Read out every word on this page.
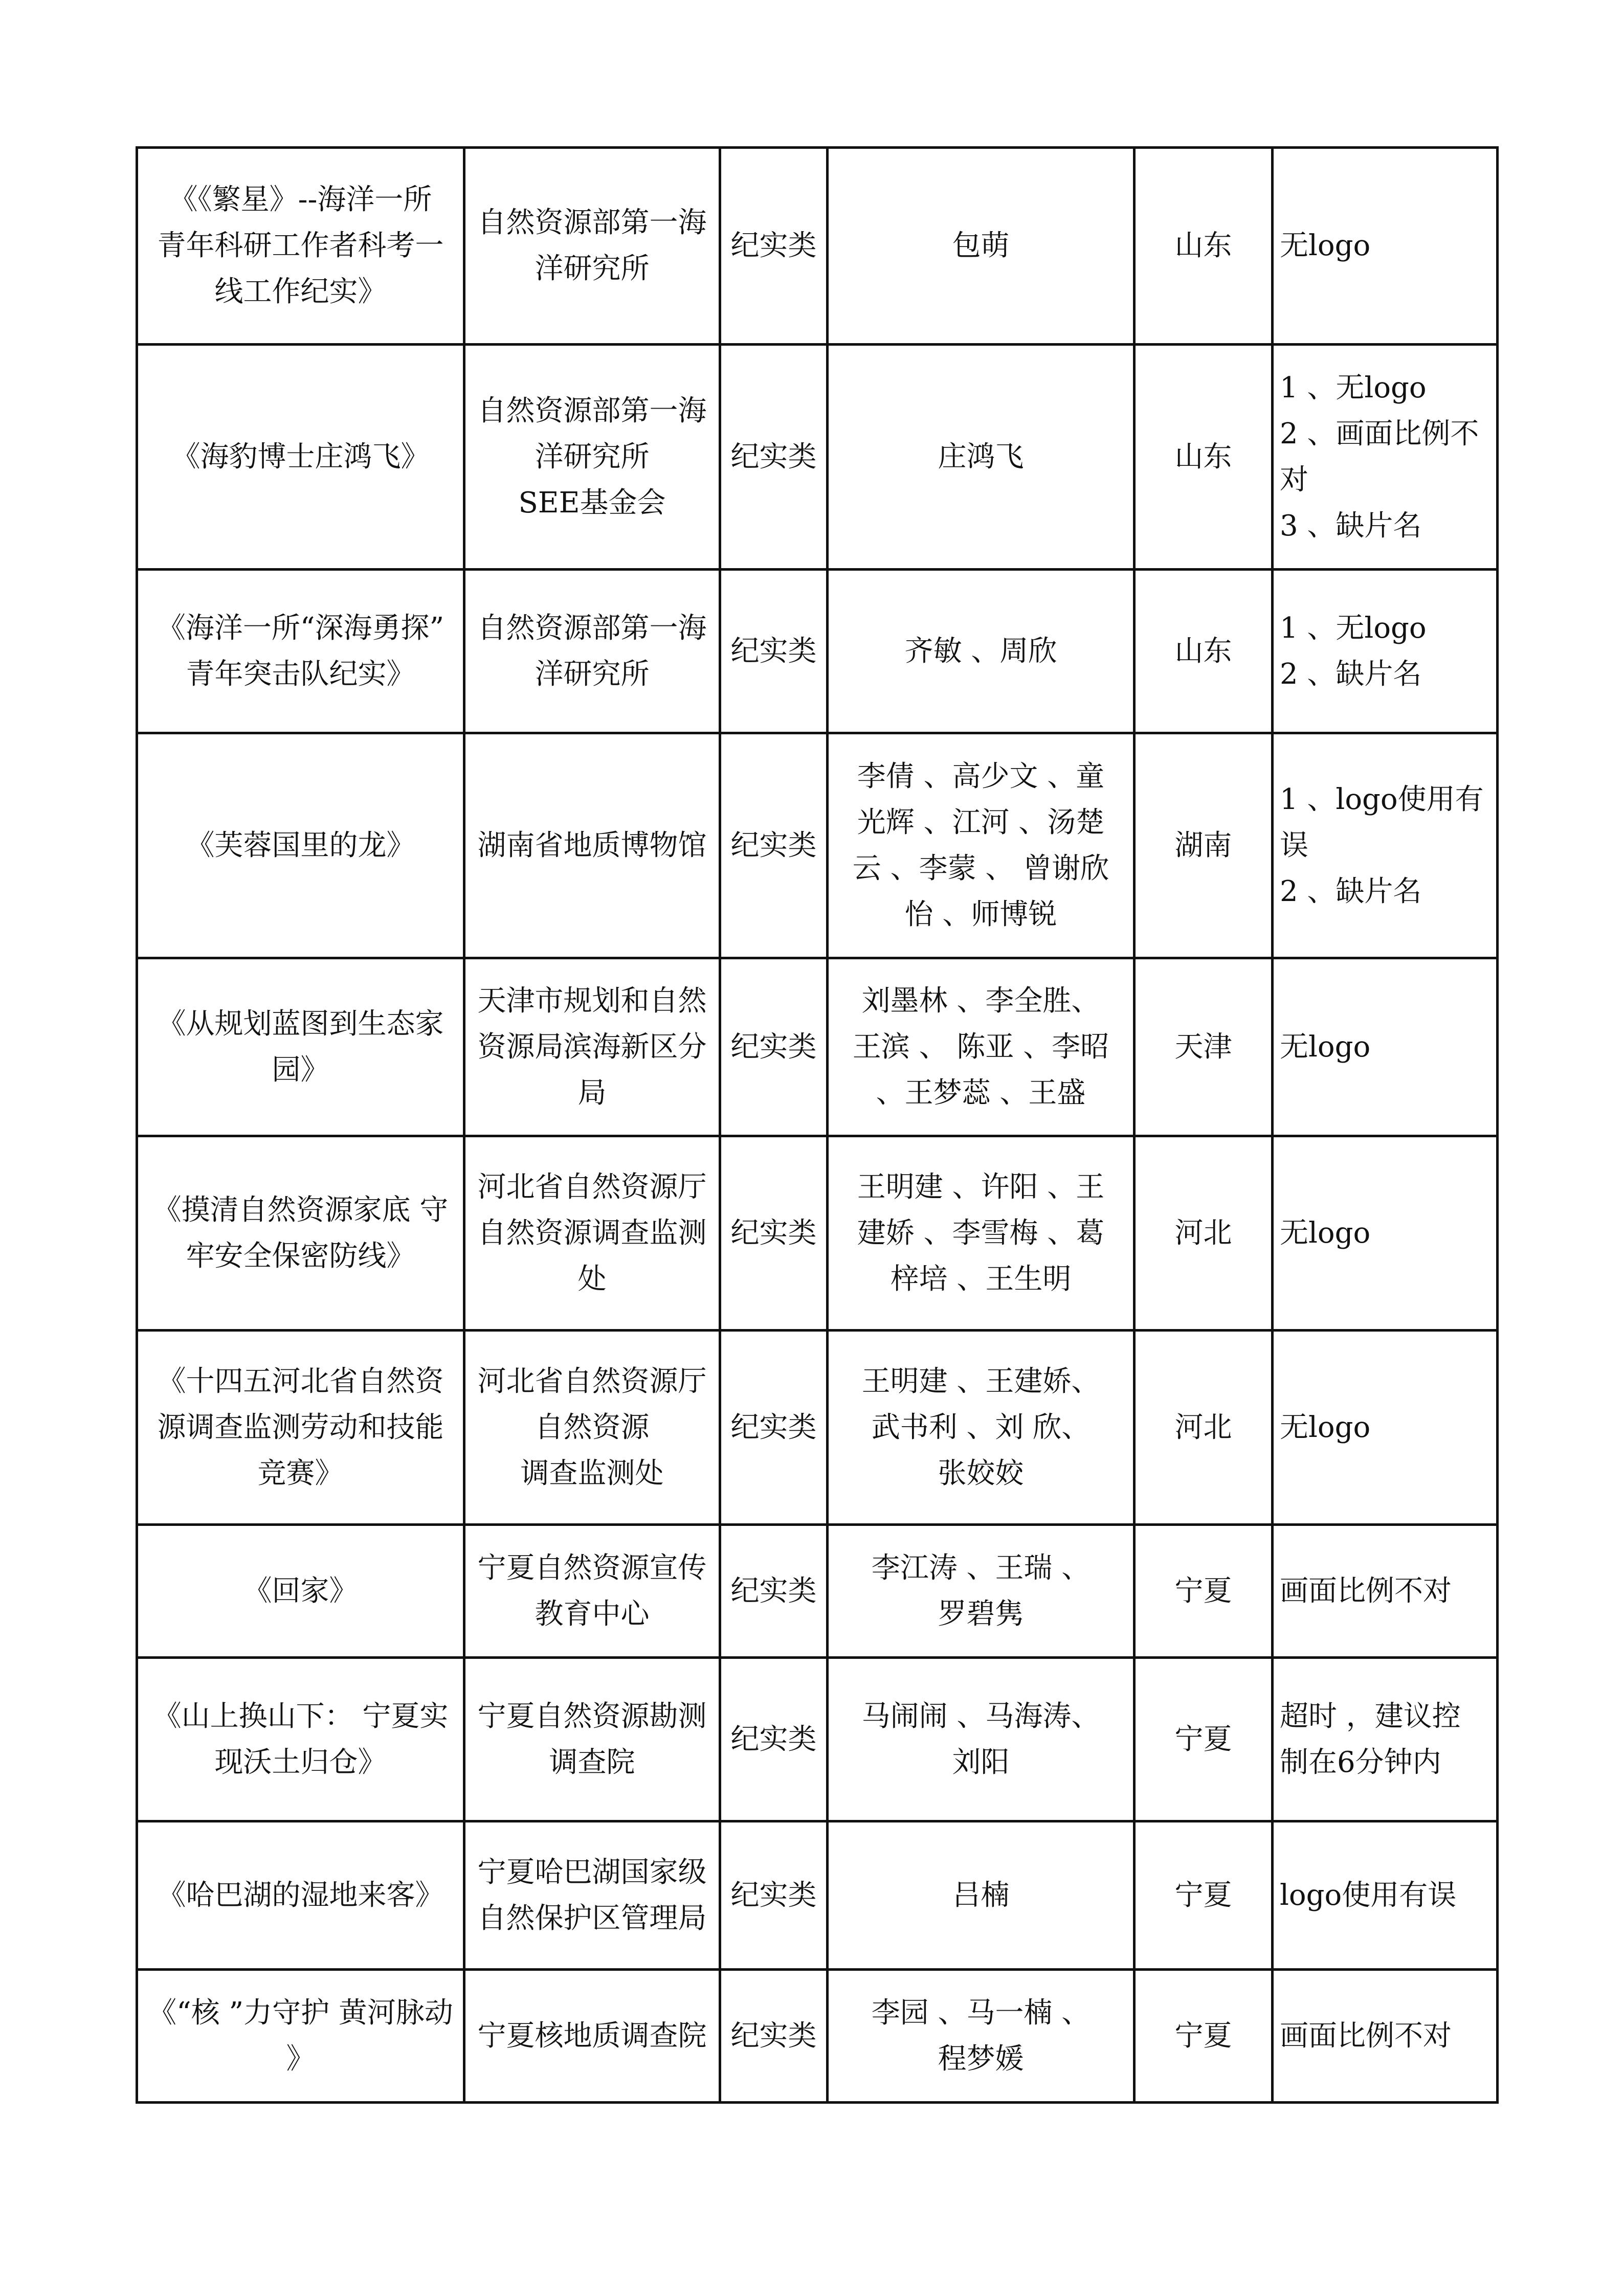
《《繁星》--海洋一所
青年科研工作者科考一
线工作纪实》	自然资源部第一海
洋研究所	纪实类	包萌	山东	无logo
《海豹博士庄鸿飞》	自然资源部第一海
洋研究所
SEE基金会	纪实类	庄鸿飞	山东	1 、无logo
2 、画面比例不
对
3 、缺片名
《海洋一所“深海勇探”
青年突击队纪实》	自然资源部第一海
洋研究所	纪实类	齐敏 、周欣	山东	1 、无logo
2 、缺片名
《芙蓉国里的龙》	湖南省地质博物馆	纪实类	李倩 、高少文 、童
光辉 、江河 、汤楚
云 、李蒙 、 曾谢欣
怡 、师博锐	湖南	1 、logo使用有
误
2 、缺片名
《从规划蓝图到生态家
园》	天津市规划和自然
资源局滨海新区分
局	纪实类	刘墨林 、李全胜、
王滨 、 陈亚 、李昭
、王梦蕊 、王盛	天津	无logo
《摸清自然资源家底 守
牢安全保密防线》	河北省自然资源厅
自然资源调查监测
处	纪实类	王明建 、许阳 、王
建娇 、李雪梅 、葛
梓培 、王生明	河北	无logo
《十四五河北省自然资
源调查监测劳动和技能
竞赛》	河北省自然资源厅
自然资源
调查监测处	纪实类	王明建 、王建娇、
武书利 、刘 欣、
张姣姣	河北	无logo
《回家》	宁夏自然资源宣传
教育中心	纪实类	李江涛 、王瑞 、
罗碧隽	宁夏	画面比例不对
《山上换山下： 宁夏实
现沃土归仓》	宁夏自然资源勘测
调查院	纪实类	马闹闹 、马海涛、
刘阳	宁夏	超时 ，建议控
制在6分钟内
《哈巴湖的湿地来客》	宁夏哈巴湖国家级
自然保护区管理局	纪实类	吕楠	宁夏	logo使用有误
《“核 ”力守护 黄河脉动
》	宁夏核地质调查院	纪实类	李园 、马一楠 、
程梦媛	宁夏	画面比例不对
